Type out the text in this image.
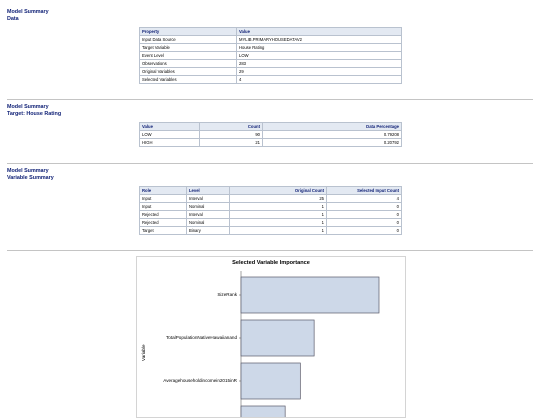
Model Summary
Data
Property	Value
Input Data Source	MYLIB.PRIMARYHOUSEDATAV2
Target Variable	House Rating
Event Level	LOW
Observations	283
Original Variables	29
Selected Variables	4
Model Summary
Target: House Rating
Value	Count	Data Percentage
LOW	90	0.79208
HIGH	21	0.20792
Model Summary
Variable Summary
Role	Level	Original Count	Selected Input Count
Input	Interval	25	4
Input	Nominal	1	0
Rejected	Interval	1	0
Rejected	Nominal	1	0
Target	Binary	1	0
Selected Variable Importance
Variable
SizeRank
TotalPopulationNativeHawaiianand
Averagehouseholdincomein2015inR
